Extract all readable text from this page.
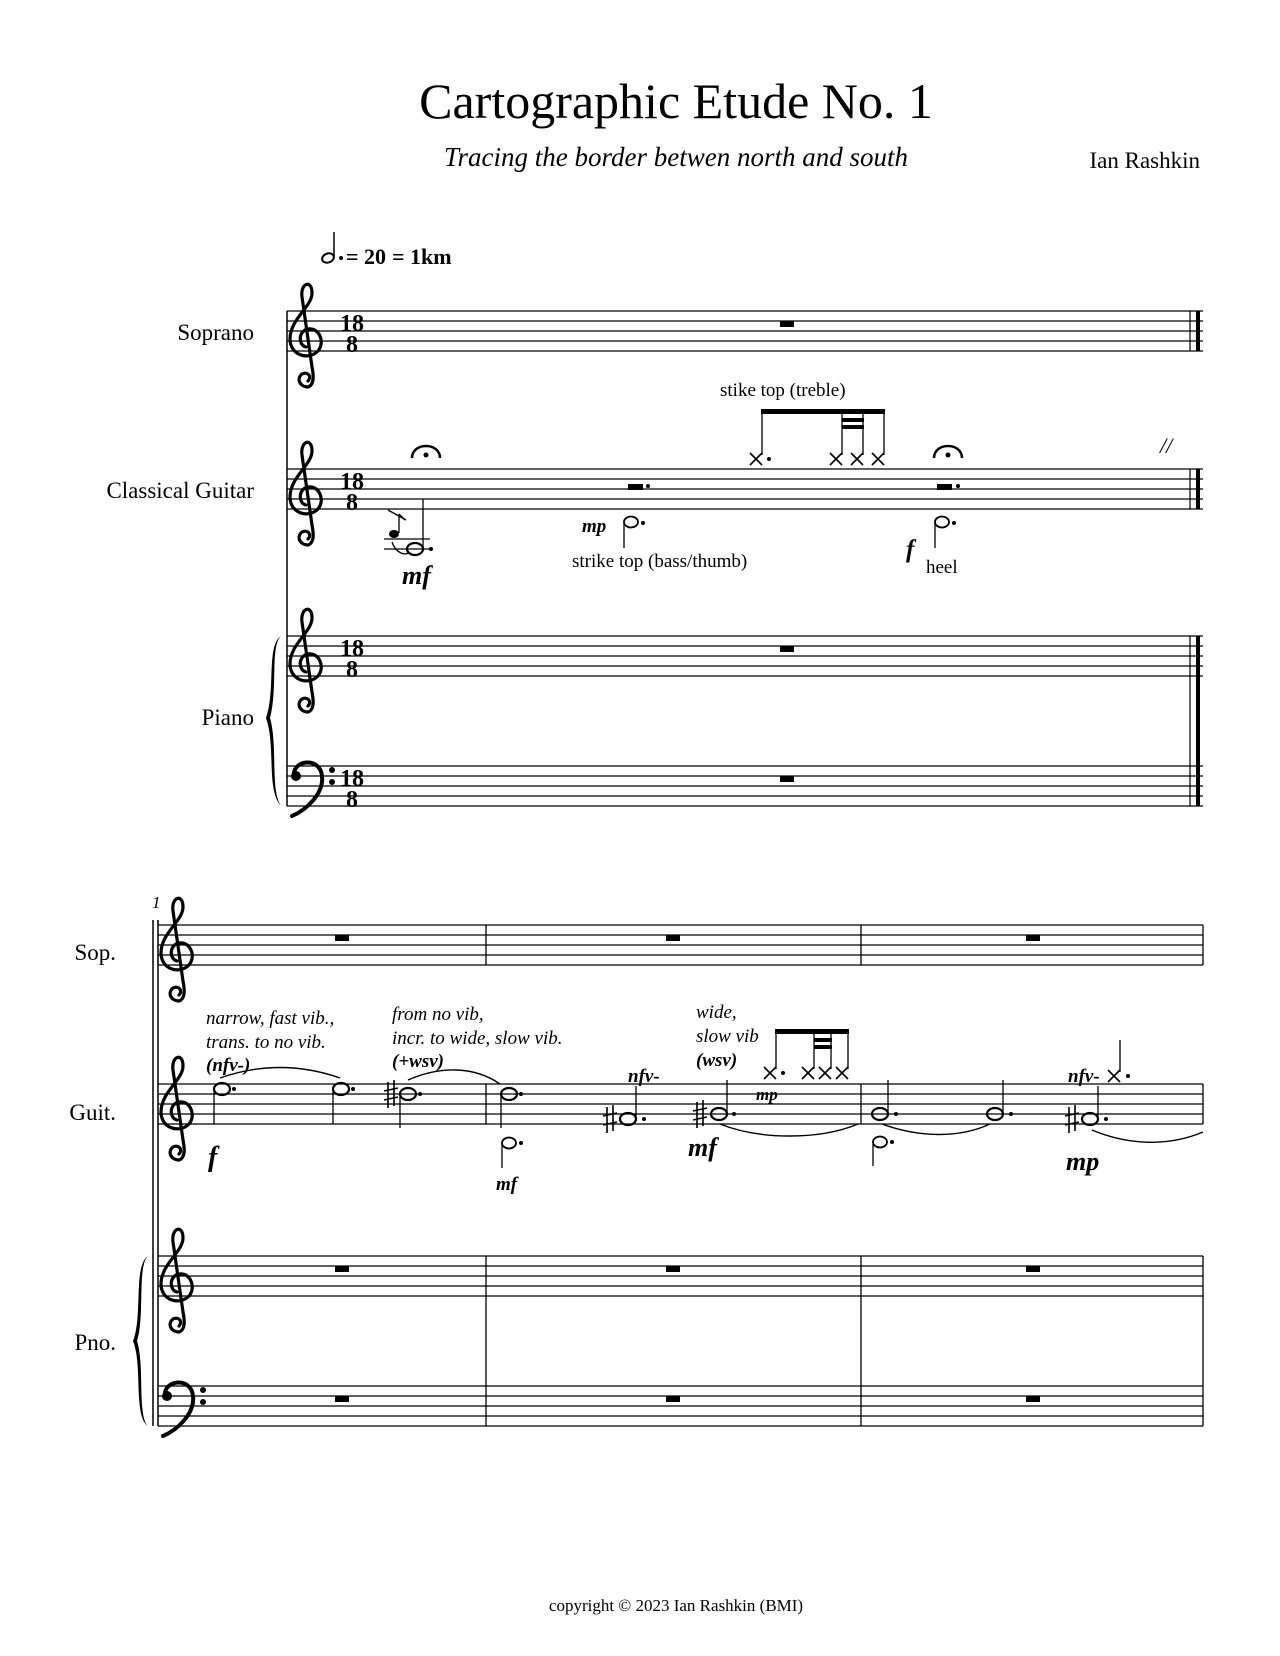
Cartographic Etude No. 1
Tracing the border betwen north and south	Ian Rashkin
= 20 = 1km
Soprano	18
8
Classical Guitar	18
8
mf
mp
strike top (bass/thumb)
stike top (treble)
f
heel
//
Piano
18
8
18
8
1
Sop.
Guit.
narrow, fast vib.,
trans. to no vib.
(nfv-)
from no vib,
incr. to wide, slow vib.
(+wsv)
wide,
slow vib
(wsv)
nfv-	nfv-
f
mf
mf
mp
mp
Pno.
copyright © 2023 Ian Rashkin (BMI)
